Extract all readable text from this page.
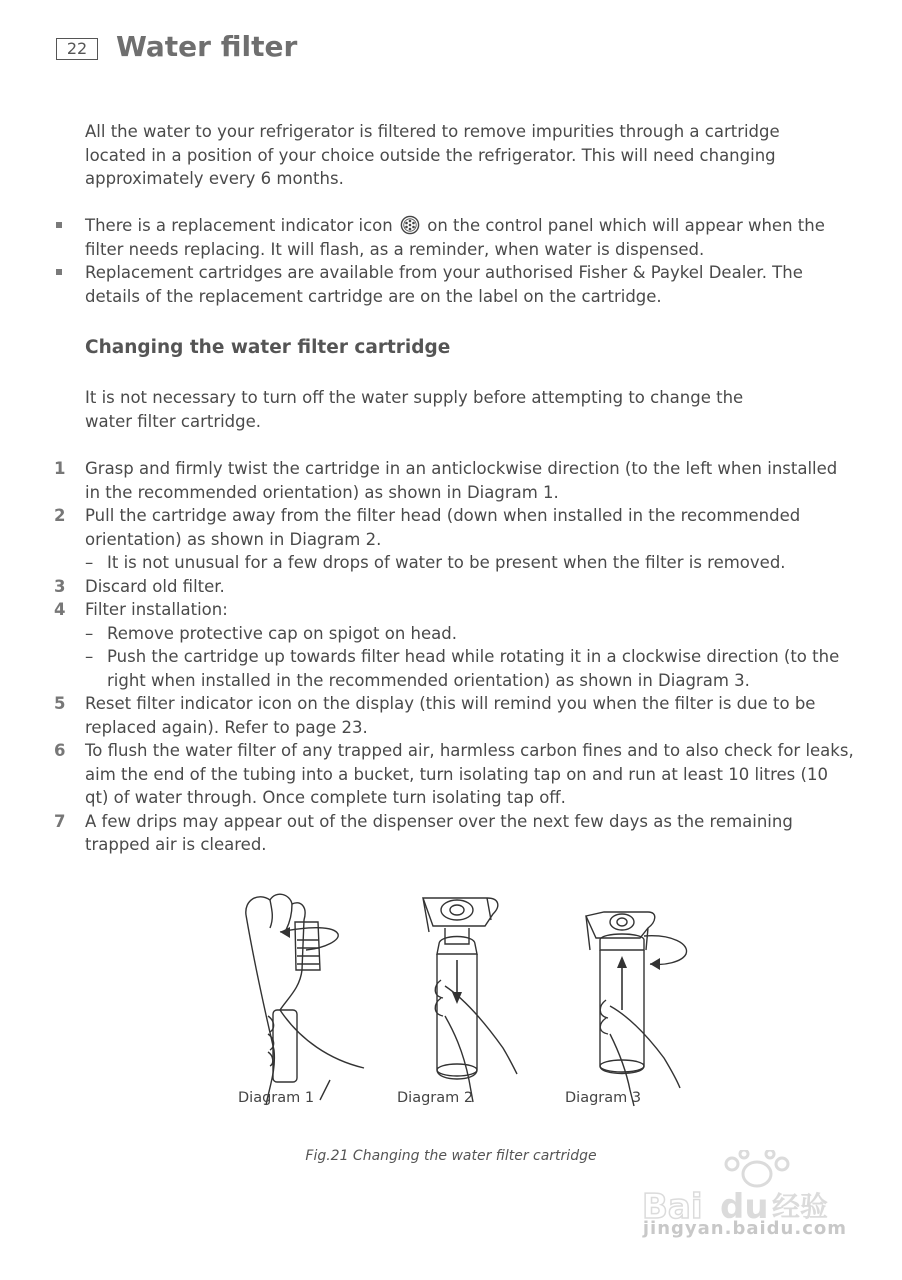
22	Water filter

All the water to your refrigerator is filtered to remove impurities through a cartridge located in a position of your choice outside the refrigerator. This will need changing approximately every 6 months.

There is a replacement indicator icon  on the control panel which will appear when the filter needs replacing. It will flash, as a reminder, when water is dispensed.
Replacement cartridges are available from your authorised Fisher & Paykel Dealer. The details of the replacement cartridge are on the label on the cartridge.
Changing the water filter cartridge

It is not necessary to turn off the water supply before attempting to change the water filter cartridge.

1 Grasp and firmly twist the cartridge in an anticlockwise direction (to the left when installed in the recommended orientation) as shown in Diagram 1.
2 Pull the cartridge away from the filter head (down when installed in the recommended orientation) as shown in Diagram 2.
– It is not unusual for a few drops of water to be present when the filter is removed.
3 Discard old filter.
4 Filter installation:
– Remove protective cap on spigot on head.
– Push the cartridge up towards filter head while rotating it in a clockwise direction (to the right when installed in the recommended orientation) as shown in Diagram 3.
5 Reset filter indicator icon on the display (this will remind you when the filter is due to be replaced again). Refer to page 23.
6 To flush the water filter of any trapped air, harmless carbon fines and to also check for leaks, aim the end of the tubing into a bucket, turn isolating tap on and run at least 10 litres (10 qt) of water through. Once complete turn isolating tap off.
7 A few drips may appear out of the dispenser over the next few days as the remaining trapped air is cleared.
Diagram 1	Diagram 2	Diagram 3
Fig.21 Changing the water filter cartridge
Bai du 经验
jingyan.baidu.com
